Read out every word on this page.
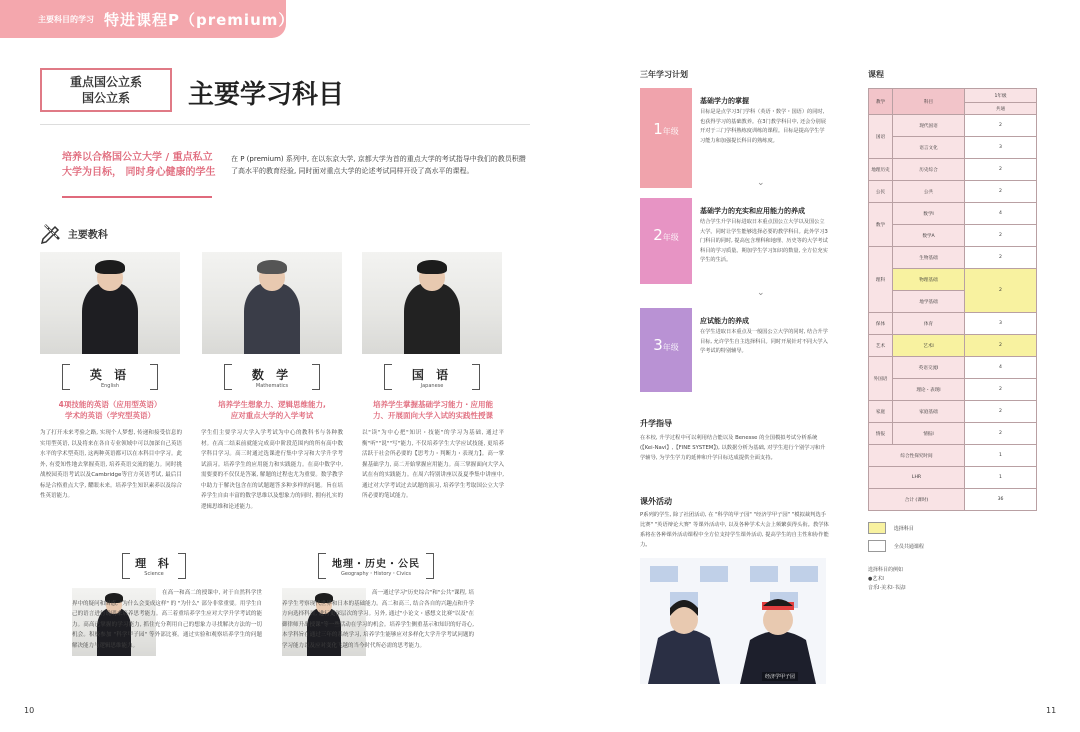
主要科目的学习 特进课程P（premium）系列
重点国公立系
国公立系	主要学习科目
培养以合格国公立大学 / 重点私立大学为目标， 同时身心健康的学生
在 P (premium) 系列中, 在以东京大学, 京都大学为首的重点大学的考试指导中我们的教员积攒了高水平的教育经验, 同时面对重点大学的论述考试同样开设了高水平的课程。
主要教科
英 语
English
数 学
Mathematics
国 语
Japanese
4项技能的英语（应用型英语）
学术的英语（学究型英语）
培养学生想象力、逻辑思维能力,
应对重点大学的入学考试
培养学生掌握基础学习能力・应用能
力、开展面向大学入试的实践性授课
为了打开未来考验之路, 实现个人梦想, 传递和接受信息的实用型英语, 以及将来在各自专业领域中可以加深自己英语水平的学术型英语, 这两种英语都可以在本科目中学习。此外, 有爱知性地去掌握英语, 培养英语交流的能力。同时挑战校园英语考试以及Cambridge等官方英语考试, 最后目标是合格重点大学, 耀眼未来。培养学生知识素养以及综合性英语能力。
学生们主要学习大学入学考试为中心的教科书与各种教材。在高二结束前就能完成高中阶段范围内的所有高中数学科目学习。高三时通过选课进行集中学习和大学升学考试演习。培养学生的应用能力和实践能力。在高中数学中, 需要要的不仅仅是答案, 解题的过程也尤为重要。数学教学中助力于解决包含在的试题题答多种多样的问题。旨在培养学生自由丰富的数学思维以及想象力的同时, 拥有扎实的逻辑思维和论述能力。
以"读"为中心把"知识・技能"的学习为基础, 通过平衡"听""说""写"能力, 不仅培养学生大学应试技能, 更培养活跃于社会所必要的【思考力・判断力・表现力】。高一掌握基础学力, 高二开始掌握应用能力。高三掌握面向大学入试在有的实践能力。在周六特别讲座以及夏季集中讲座中, 通过对大学考试过去试题的演习, 培养学生考取国公立大学所必要的笔试能力。
理 科
Science
地理・历史・公民
Geography・History・Civics
在高一和高二的授课中, 对于自然科学世界中的疑问和困惑, "为什么会变成这样" 的 "为什么" 部分非常重要。用学生自己的语言进行说明来培养思考能力。高三着重培养学生应对大学升学考试的能力。高高已掌握的学习能力, 抓住充分利用自己的想象力寻找解决方法的一切机会。积极参加 "科学甲子园" 等外部比赛。通过实验和观察培养学生的问题解决能力与逻辑思维能力。
高一通过学习"历史综合"和"公共"课程, 培养学生考察现代世界和日本的基础能力。高二和高三, 结合各自的兴趣点和升学方向选择科目, 进行更深层次的学习。另外, 通过"小论文・感想文比赛"以及"在御律师升出授课"等一些活动在学习的机会。培养学生侧重基示和知识的好奇心, 本学科旨在通过三年的系统学习, 培养学生能够应对多样化大学升学考试问题的学习能力以及应对变化飞越的当今时代所必需的思考能力。
10
三年学习计划
1年级
基础学力的掌握
目标是是点学习3门学科（英语・数学・国语）的同时, 也获得学习的基础教养。在3门教学科目中, 还会分别展开对于三门学科熟练度训练的课程。目标是提高学生学习能力和加强提长科目的熟练度。
⌄
2年级
基础学力的充实和应用能力的养成
结合学生升学目标进取日本重点国公立大学以及国公立大学。同时让学生能够选择必要的教学科目。此外学习3门科目的同时, 提高包含理科和地理、历史等的大学考试科目的学习质量。期加学生学习知识的数量, 全方位充实学生的生活。
⌄
3年级
应试能力的养成
在学生进取日本重点及一般国公立大学的同时, 结合升学目标, 允许学生自主选择科目。同时开展针对不同大学入学考试的特别辅导。
升学指导
在本校, 升学过程中可以利用结合能以及 Benesse 的全国模拟考试分析系统 (【Kei-Navi】,【FINE SYSTEM】), 以数据分析为基础, 对学生进行个别学习和升学辅导, 为学生学力的延伸和升学目标达成提供全面支持。
课外活动
P系列的学生, 除了社团活动, 在 "科学的甲子园" "经济学甲子园" "模拟裁判选手比赛" "英语辩论大赛" 等课外活动中, 以及各种学术大会上频繁获得头衔。教学体系将在各种课外活动课程中全方位支持学生课外活动, 提高学生的自主性和协作能力。
经济学甲子园
课程
教学	科目	1年级
		共通
国语	现代国语	2
	语言文化	3
地理历史	历史综合	2
公民	公共	2
数学	数学Ⅰ	4
	数学A	2
理科	生物基础	2
	物理基础	2
	地学基础	
保体	体育	3
艺术	艺术Ⅰ	2
外国语	英语交流Ⅰ	4
	理论・表现Ⅰ	2
家庭	家庭基础	2
情报	情报Ⅰ	2
综合性探究时间		1
LHR		1
合计 (课时)		36
选择科目
全员共通课程
选择科目的例如
●艺术Ⅰ
音乐Ⅰ·美术Ⅰ·书法Ⅰ
11
